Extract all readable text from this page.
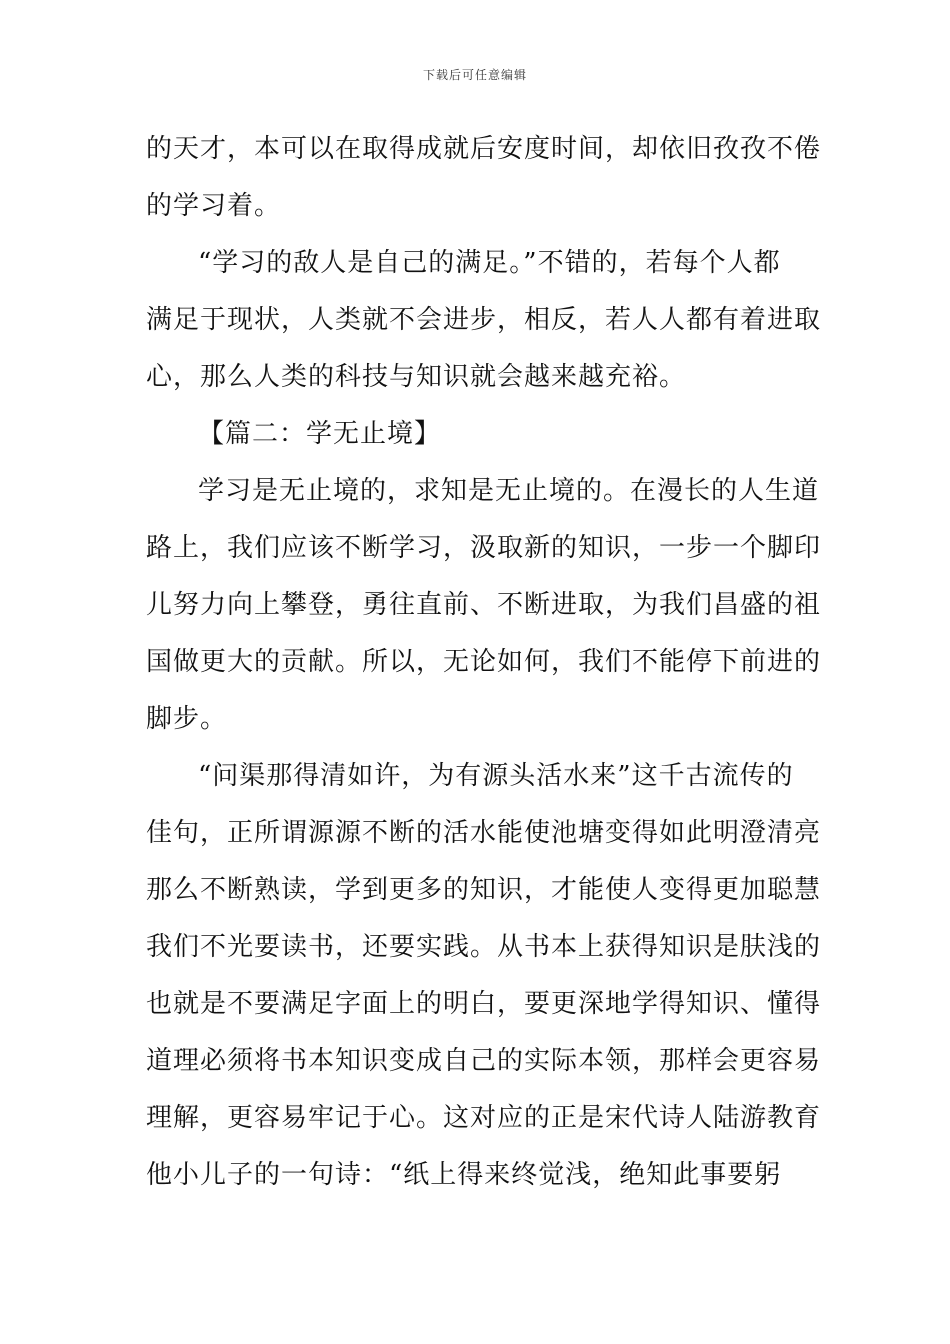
下载后可任意编辑
的天才，本可以在取得成就后安度时间，却依旧孜孜不倦
的学习着。
“学习的敌人是自己的满足。”不错的，若每个人都
满足于现状，人类就不会进步，相反，若人人都有着进取
心，那么人类的科技与知识就会越来越充裕。
【篇二：学无止境】
学习是无止境的，求知是无止境的。在漫长的人生道
路上，我们应该不断学习，汲取新的知识，一步一个脚印
儿努力向上攀登，勇往直前、不断进取，为我们昌盛的祖
国做更大的贡献。所以，无论如何，我们不能停下前进的
脚步。
“问渠那得清如许，为有源头活水来”这千古流传的
佳句，正所谓源源不断的活水能使池塘变得如此明澄清亮
那么不断熟读，学到更多的知识，才能使人变得更加聪慧
我们不光要读书，还要实践。从书本上获得知识是肤浅的
也就是不要满足字面上的明白，要更深地学得知识、懂得
道理必须将书本知识变成自己的实际本领，那样会更容易
理解，更容易牢记于心。这对应的正是宋代诗人陆游教育
他小儿子的一句诗：“纸上得来终觉浅，绝知此事要躬
